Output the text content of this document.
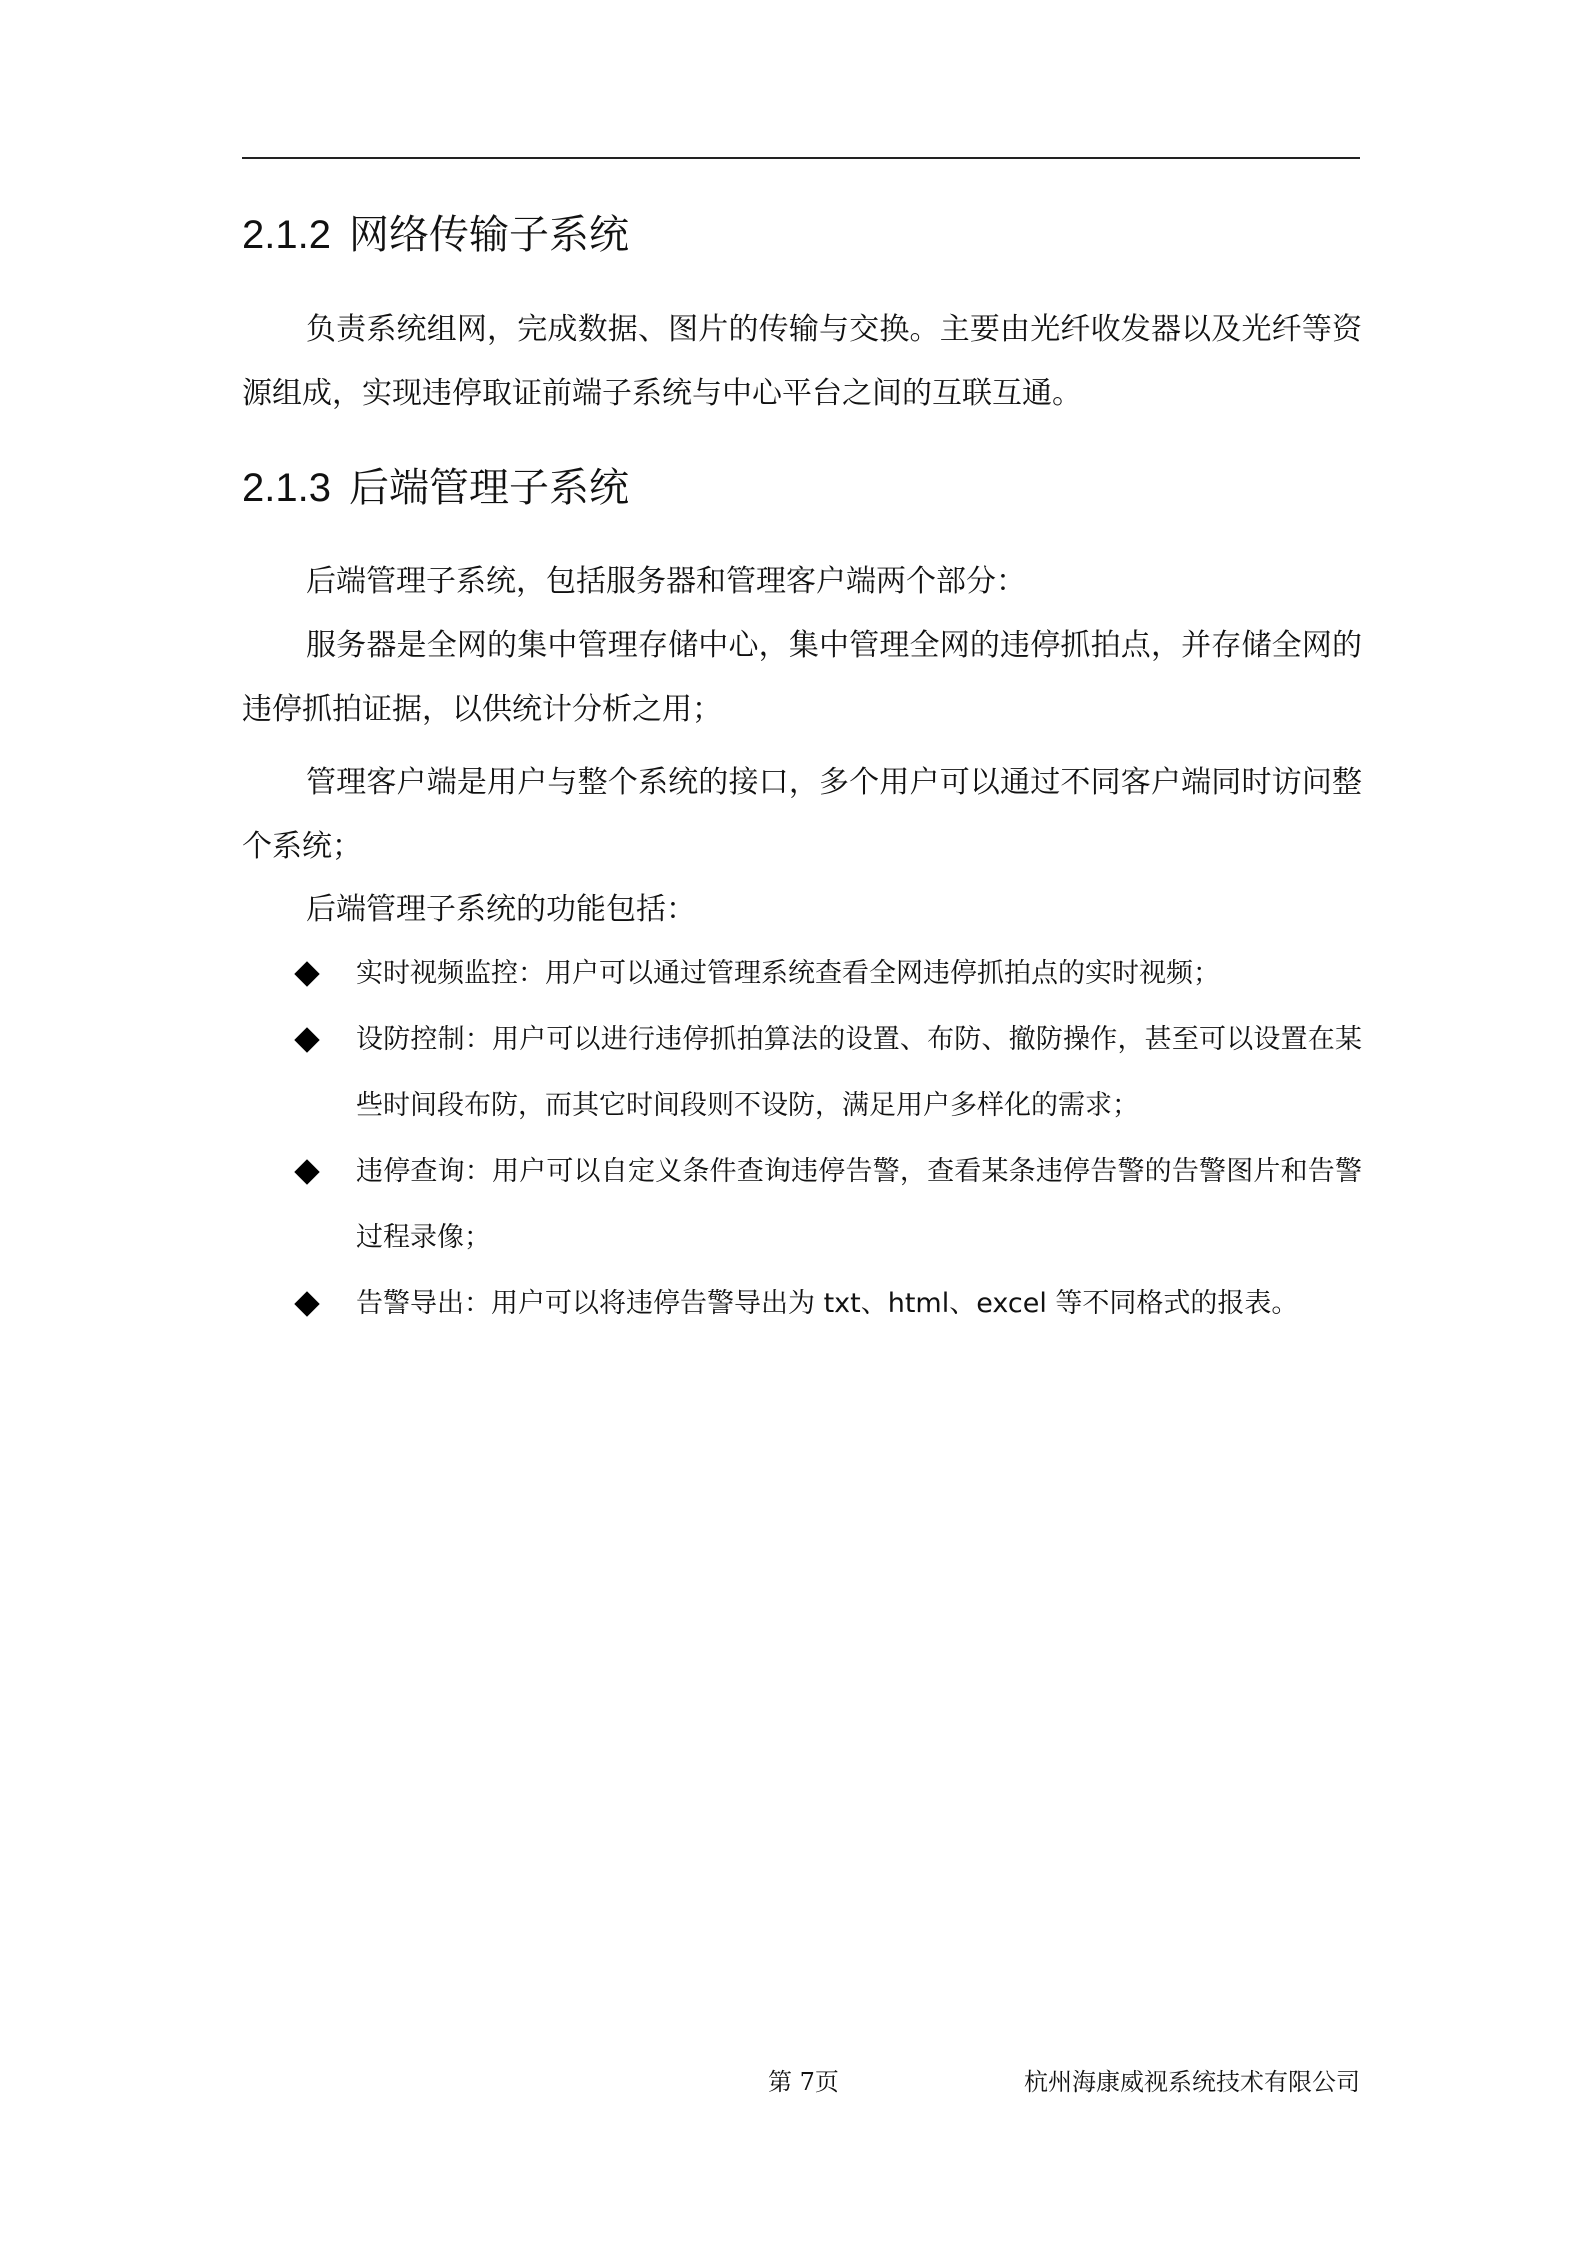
2.1.2 网络传输子系统

负责系统组网，完成数据、图片的传输与交换。主要由光纤收发器以及光纤等资源组成，实现违停取证前端子系统与中心平台之间的互联互通。

2.1.3 后端管理子系统

后端管理子系统，包括服务器和管理客户端两个部分：

服务器是全网的集中管理存储中心，集中管理全网的违停抓拍点，并存储全网的违停抓拍证据，以供统计分析之用；

管理客户端是用户与整个系统的接口，多个用户可以通过不同客户端同时访问整个系统；

后端管理子系统的功能包括：

实时视频监控：用户可以通过管理系统查看全网违停抓拍点的实时视频；
设防控制：用户可以进行违停抓拍算法的设置、布防、撤防操作，甚至可以设置在某些时间段布防，而其它时间段则不设防，满足用户多样化的需求；
违停查询：用户可以自定义条件查询违停告警，查看某条违停告警的告警图片和告警过程录像；
告警导出：用户可以将违停告警导出为 txt、html、excel 等不同格式的报表。
第 7页	杭州海康威视系统技术有限公司
